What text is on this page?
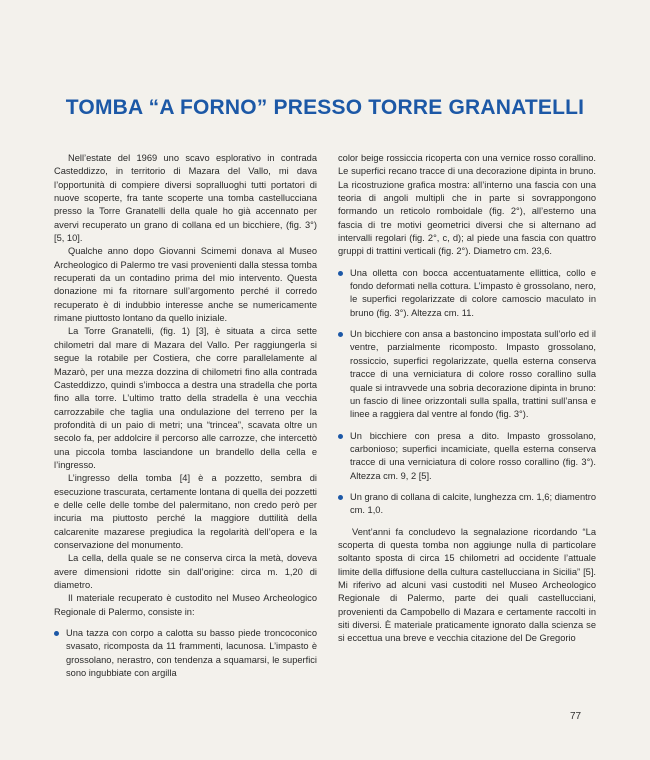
TOMBA “A FORNO” PRESSO TORRE GRANATELLI

Nell’estate del 1969 uno scavo esplorativo in contrada Casteddizzo, in territorio di Mazara del Vallo, mi dava l’opportunità di compiere diversi sopralluoghi tutti portatori di nuove scoperte, fra tante scoperte una tomba castellucciana presso la Torre Granatelli della quale ho già accennato per avervi recuperato un grano di collana ed un bicchiere, (fig. 3°) [5, 10].

Qualche anno dopo Giovanni Scimemi donava al Museo Archeologico di Palermo tre vasi provenienti dalla stessa tomba recuperati da un contadino prima del mio intervento. Questa donazione mi fa ritornare sull’argomento perché il corredo recuperato è di indubbio interesse anche se numericamente rimane piuttosto lontano da quello iniziale.

La Torre Granatelli, (fig. 1) [3], è situata a circa sette chilometri dal mare di Mazara del Vallo. Per raggiungerla si segue la rotabile per Costiera, che corre parallelamente al Mazarò, per una mezza dozzina di chilometri fino alla contrada Casteddizzo, quindi s’imbocca a destra una stradella che porta fino alla torre. L’ultimo tratto della stradella è una vecchia carrozzabile che taglia una ondulazione del terreno per la profondità di un paio di metri; una “trincea”, scavata oltre un secolo fa, per addolcire il percorso alle carrozze, che intercettò una piccola tomba lasciandone un brandello della cella e l’ingresso.

L’ingresso della tomba [4] è a pozzetto, sembra di esecuzione trascurata, certamente lontana di quella dei pozzetti e delle celle delle tombe del palermitano, non credo però per incuria ma piuttosto perché la maggiore duttilità della calcarenite mazarese pregiudica la regolarità dell’opera e la conservazione del monumento.

La cella, della quale se ne conserva circa la metà, doveva avere dimensioni ridotte sin dall’origine: circa m. 1,20 di diametro.

Il materiale recuperato è custodito nel Museo Archeologico Regionale di Palermo, consiste in:

Una tazza con corpo a calotta su basso piede troncoconico svasato, ricomposta da 11 frammenti, lacunosa. L’impasto è grossolano, nerastro, con tendenza a squamarsi, le superfici sono ingubbiate con argilla

color beige rossiccia ricoperta con una vernice rosso corallino. Le superfici recano tracce di una decorazione dipinta in bruno. La ricostruzione grafica mostra: all’interno una fascia con una teoria di angoli multipli che in parte si sovrappongono formando un reticolo romboidale (fig. 2°), all’esterno una fascia di tre motivi geometrici diversi che si alternano ad intervalli regolari (fig. 2°, c, d); al piede una fascia con quattro gruppi di trattini verticali (fig. 2°). Diametro cm. 23,6.

Una olletta con bocca accentuatamente ellittica, collo e fondo deformati nella cottura. L’impasto è grossolano, nero, le superfici regolarizzate di colore camoscio maculato in bruno (fig. 3°). Altezza cm. 11.

Un bicchiere con ansa a bastoncino impostata sull’orlo ed il ventre, parzialmente ricomposto. Impasto grossolano, rossiccio, superfici regolarizzate, quella esterna conserva tracce di una verniciatura di colore rosso corallino sulla quale si intravvede una sobria decorazione dipinta in bruno: un fascio di linee orizzontali sulla spalla, trattini sull’ansa e linee a raggiera dal ventre al fondo (fig. 3°).

Un bicchiere con presa a dito. Impasto grossolano, carbonioso; superfici incamiciate, quella esterna conserva tracce di una verniciatura di colore rosso corallino (fig. 3°). Altezza cm. 9, 2 [5].

Un grano di collana di calcite, lunghezza cm. 1,6; diamentro cm. 1,0.

Vent’anni fa concludevo la segnalazione ricordando “La scoperta di questa tomba non aggiunge nulla di particolare soltanto sposta di circa 15 chilometri ad occidente l’attuale limite della diffusione della cultura castellucciana in Sicilia” [5]. Mi riferivo ad alcuni vasi custoditi nel Museo Archeologico Regionale di Palermo, parte dei quali castellucciani, provenienti da Campobello di Mazara e certamente raccolti in siti diversi. È materiale praticamente ignorato dalla scienza se si eccettua una breve e vecchia citazione del De Gregorio

77
